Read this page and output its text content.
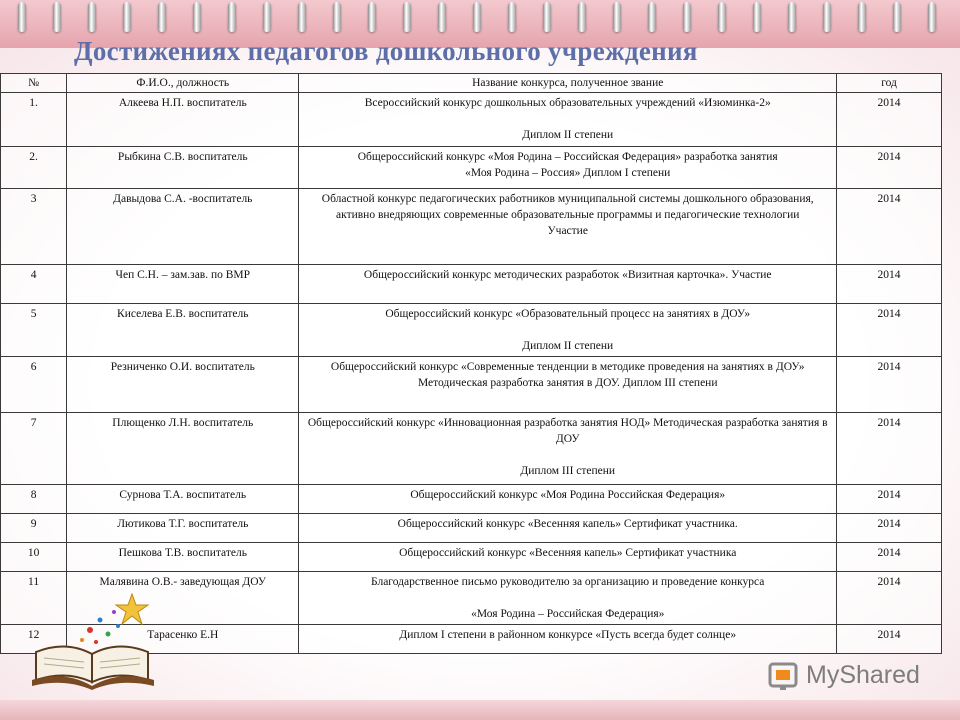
Достижениях педагогов дошкольного учреждения
№	Ф.И.О., должность	Название конкурса, полученное звание	год
1.	Алкеева Н.П. воспитатель	Всероссийский конкурс дошкольных образовательных учреждений «Изюминка-2»

Диплом II степени	2014
2.	Рыбкина С.В. воспитатель	Общероссийский конкурс «Моя Родина – Российская Федерация» разработка занятия
«Моя Родина – Россия» Диплом I степени	2014
3	Давыдова С.А. -воспитатель	Областной конкурс педагогических работников муниципальной системы дошкольного образования, активно внедряющих современные образовательные программы и педагогические технологии
Участие	2014
4	Чеп С.Н. – зам.зав. по ВМР	Общероссийский конкурс методических разработок «Визитная карточка». Участие	2014
5	Киселева Е.В. воспитатель	Общероссийский конкурс «Образовательный процесс на занятиях в ДОУ»

Диплом II степени	2014
6	Резниченко О.И. воспитатель	Общероссийский конкурс «Современные тенденции в методике проведения на занятиях в ДОУ» Методическая разработка занятия в ДОУ. Диплом III степени	2014
7	Плющенко Л.Н. воспитатель	Общероссийский конкурс «Инновационная разработка занятия НОД» Методическая разработка занятия в ДОУ

Диплом III степени	2014
8	Сурнова Т.А. воспитатель	Общероссийский конкурс «Моя Родина Российская Федерация»	2014
9	Лютикова Т.Г. воспитатель	Общероссийский конкурс «Весенняя капель» Сертификат участника.	2014
10	Пешкова Т.В. воспитатель	Общероссийский конкурс «Весенняя капель» Сертификат участника	2014
11	Малявина О.В.- заведующая ДОУ	Благодарственное письмо руководителю за организацию и проведение конкурса

«Моя Родина – Российская Федерация»	2014
12	Тарасенко Е.Н	Диплом I степени в районном конкурсе «Пусть всегда будет солнце»	2014
MyShared
